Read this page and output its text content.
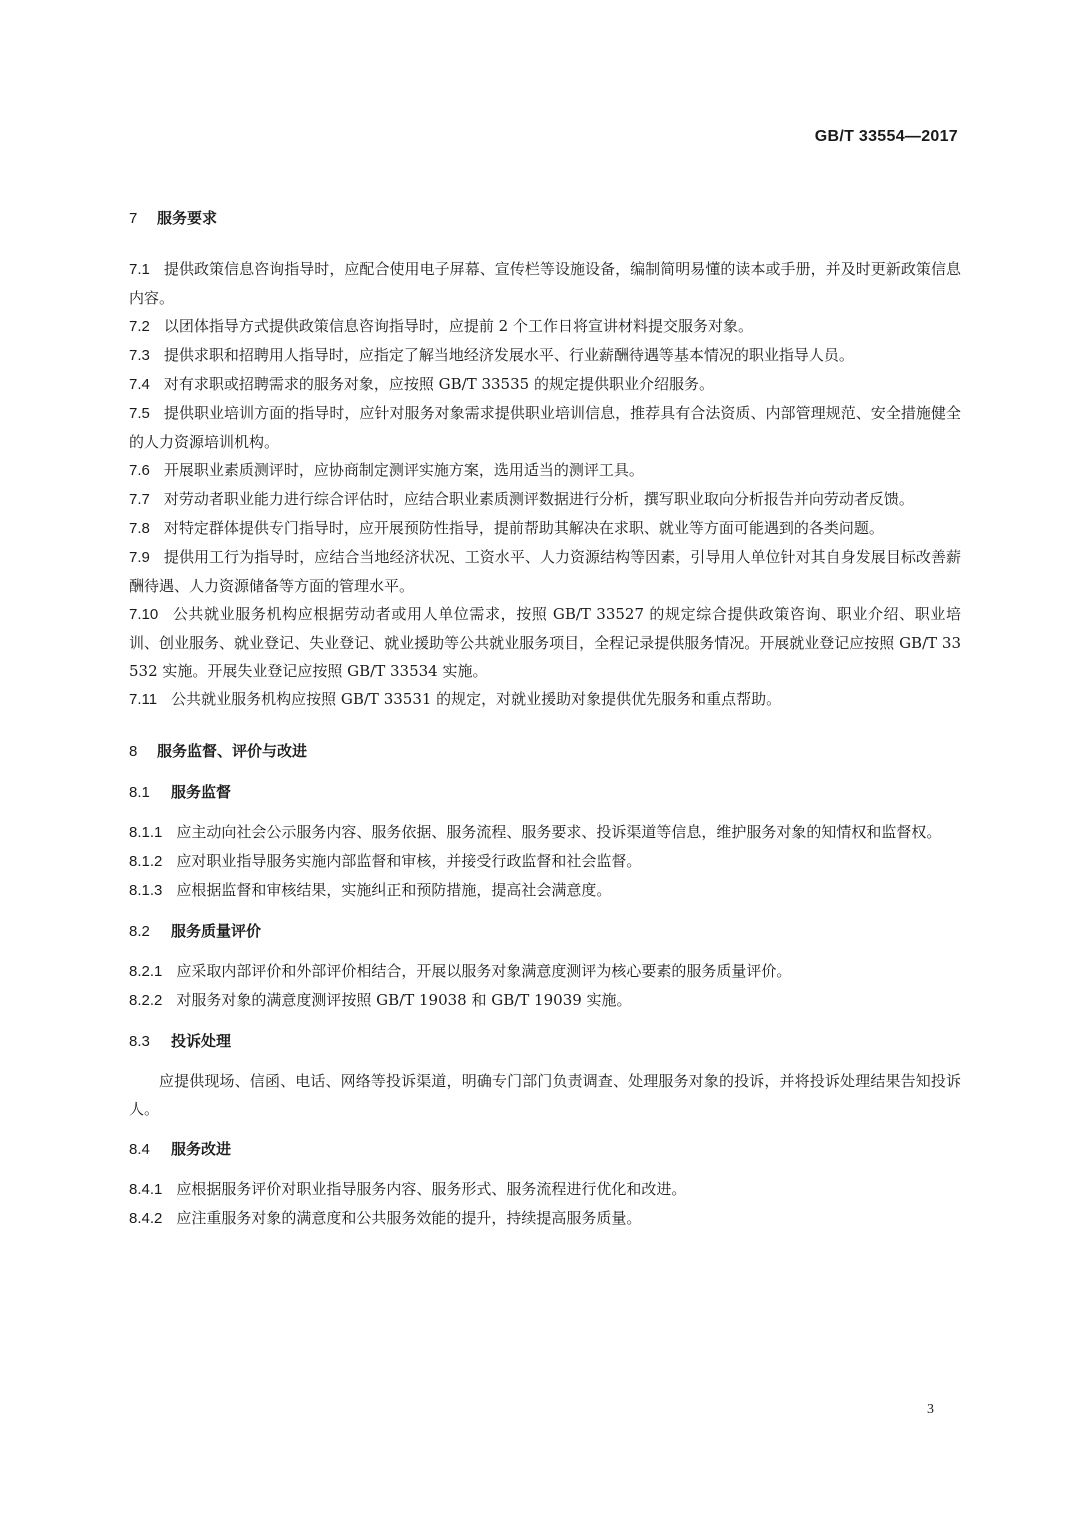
GB/T 33554—2017
7 服务要求
7.1 提供政策信息咨询指导时，应配合使用电子屏幕、宣传栏等设施设备，编制简明易懂的读本或手册，并及时更新政策信息内容。
7.2 以团体指导方式提供政策信息咨询指导时，应提前 2 个工作日将宣讲材料提交服务对象。
7.3 提供求职和招聘用人指导时，应指定了解当地经济发展水平、行业薪酬待遇等基本情况的职业指导人员。
7.4 对有求职或招聘需求的服务对象，应按照 GB/T 33535 的规定提供职业介绍服务。
7.5 提供职业培训方面的指导时，应针对服务对象需求提供职业培训信息，推荐具有合法资质、内部管理规范、安全措施健全的人力资源培训机构。
7.6 开展职业素质测评时，应协商制定测评实施方案，选用适当的测评工具。
7.7 对劳动者职业能力进行综合评估时，应结合职业素质测评数据进行分析，撰写职业取向分析报告并向劳动者反馈。
7.8 对特定群体提供专门指导时，应开展预防性指导，提前帮助其解决在求职、就业等方面可能遇到的各类问题。
7.9 提供用工行为指导时，应结合当地经济状况、工资水平、人力资源结构等因素，引导用人单位针对其自身发展目标改善薪酬待遇、人力资源储备等方面的管理水平。
7.10 公共就业服务机构应根据劳动者或用人单位需求，按照 GB/T 33527 的规定综合提供政策咨询、职业介绍、职业培训、创业服务、就业登记、失业登记、就业援助等公共就业服务项目，全程记录提供服务情况。开展就业登记应按照 GB/T 33532 实施。开展失业登记应按照 GB/T 33534 实施。
7.11 公共就业服务机构应按照 GB/T 33531 的规定，对就业援助对象提供优先服务和重点帮助。
8 服务监督、评价与改进
8.1 服务监督
8.1.1 应主动向社会公示服务内容、服务依据、服务流程、服务要求、投诉渠道等信息，维护服务对象的知情权和监督权。
8.1.2 应对职业指导服务实施内部监督和审核，并接受行政监督和社会监督。
8.1.3 应根据监督和审核结果，实施纠正和预防措施，提高社会满意度。
8.2 服务质量评价
8.2.1 应采取内部评价和外部评价相结合，开展以服务对象满意度测评为核心要素的服务质量评价。
8.2.2 对服务对象的满意度测评按照 GB/T 19038 和 GB/T 19039 实施。
8.3 投诉处理
应提供现场、信函、电话、网络等投诉渠道，明确专门部门负责调查、处理服务对象的投诉，并将投诉处理结果告知投诉人。
8.4 服务改进
8.4.1 应根据服务评价对职业指导服务内容、服务形式、服务流程进行优化和改进。
8.4.2 应注重服务对象的满意度和公共服务效能的提升，持续提高服务质量。
3
